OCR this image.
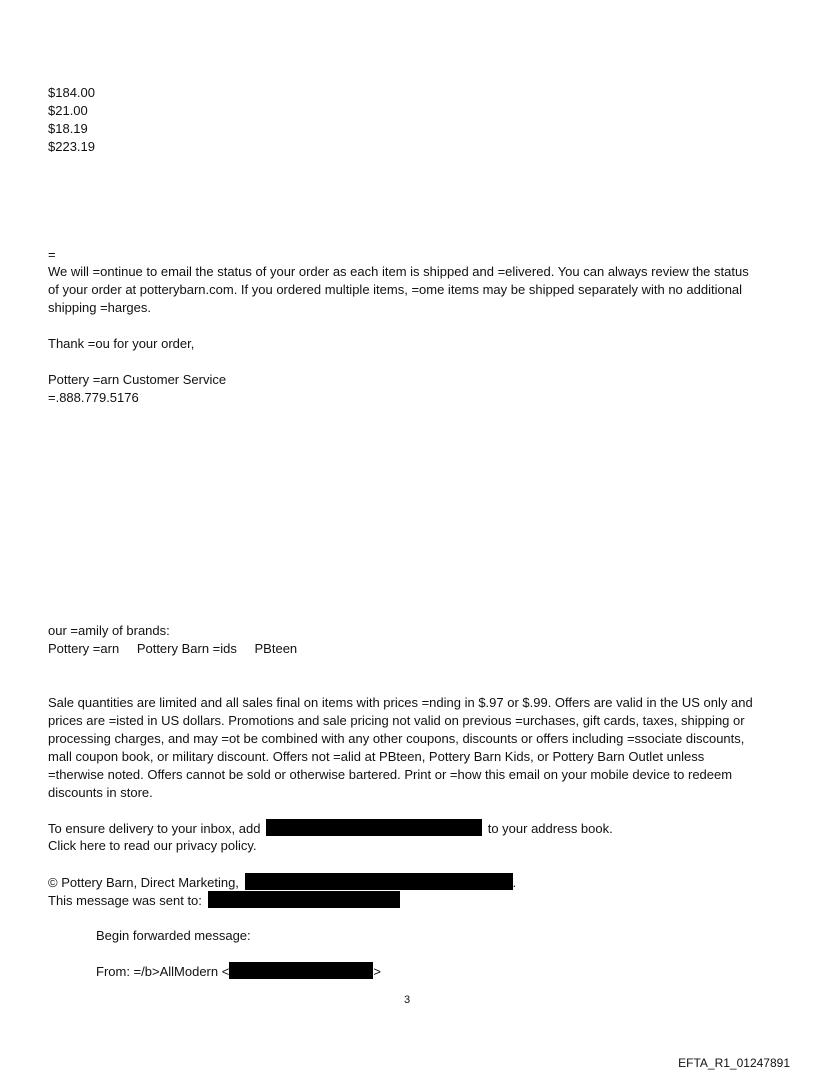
$184.00
$21.00
$18.19
$223.19
=
We will =ontinue to email the status of your order as each item is shipped and =elivered. You can always review the status of your order at potterybarn.com. If you ordered multiple items, =ome items may be shipped separately with no additional shipping =harges.
Thank =ou for your order,
Pottery =arn Customer Service
=.888.779.5176
our =amily of brands:
Pottery =arn Pottery Barn =ids PBteen
Sale quantities are limited and all sales final on items with prices =nding in $.97 or $.99. Offers are valid in the US only and prices are =isted in US dollars. Promotions and sale pricing not valid on previous =urchases, gift cards, taxes, shipping or processing charges, and may =ot be combined with any other coupons, discounts or offers including =ssociate discounts, mall coupon book, or military discount. Offers not =alid at PBteen, Pottery Barn Kids, or Pottery Barn Outlet unless =therwise noted. Offers cannot be sold or otherwise bartered. Print or =how this email on your mobile device to redeem discounts in store.
To ensure delivery to your inbox, add	to your address book.
Click here to read our privacy policy.
© Pottery Barn, Direct Marketing,	.
This message was sent to:
Begin forwarded message:
From: =/b>AllModern <	>
3
EFTA_R1_01247891
